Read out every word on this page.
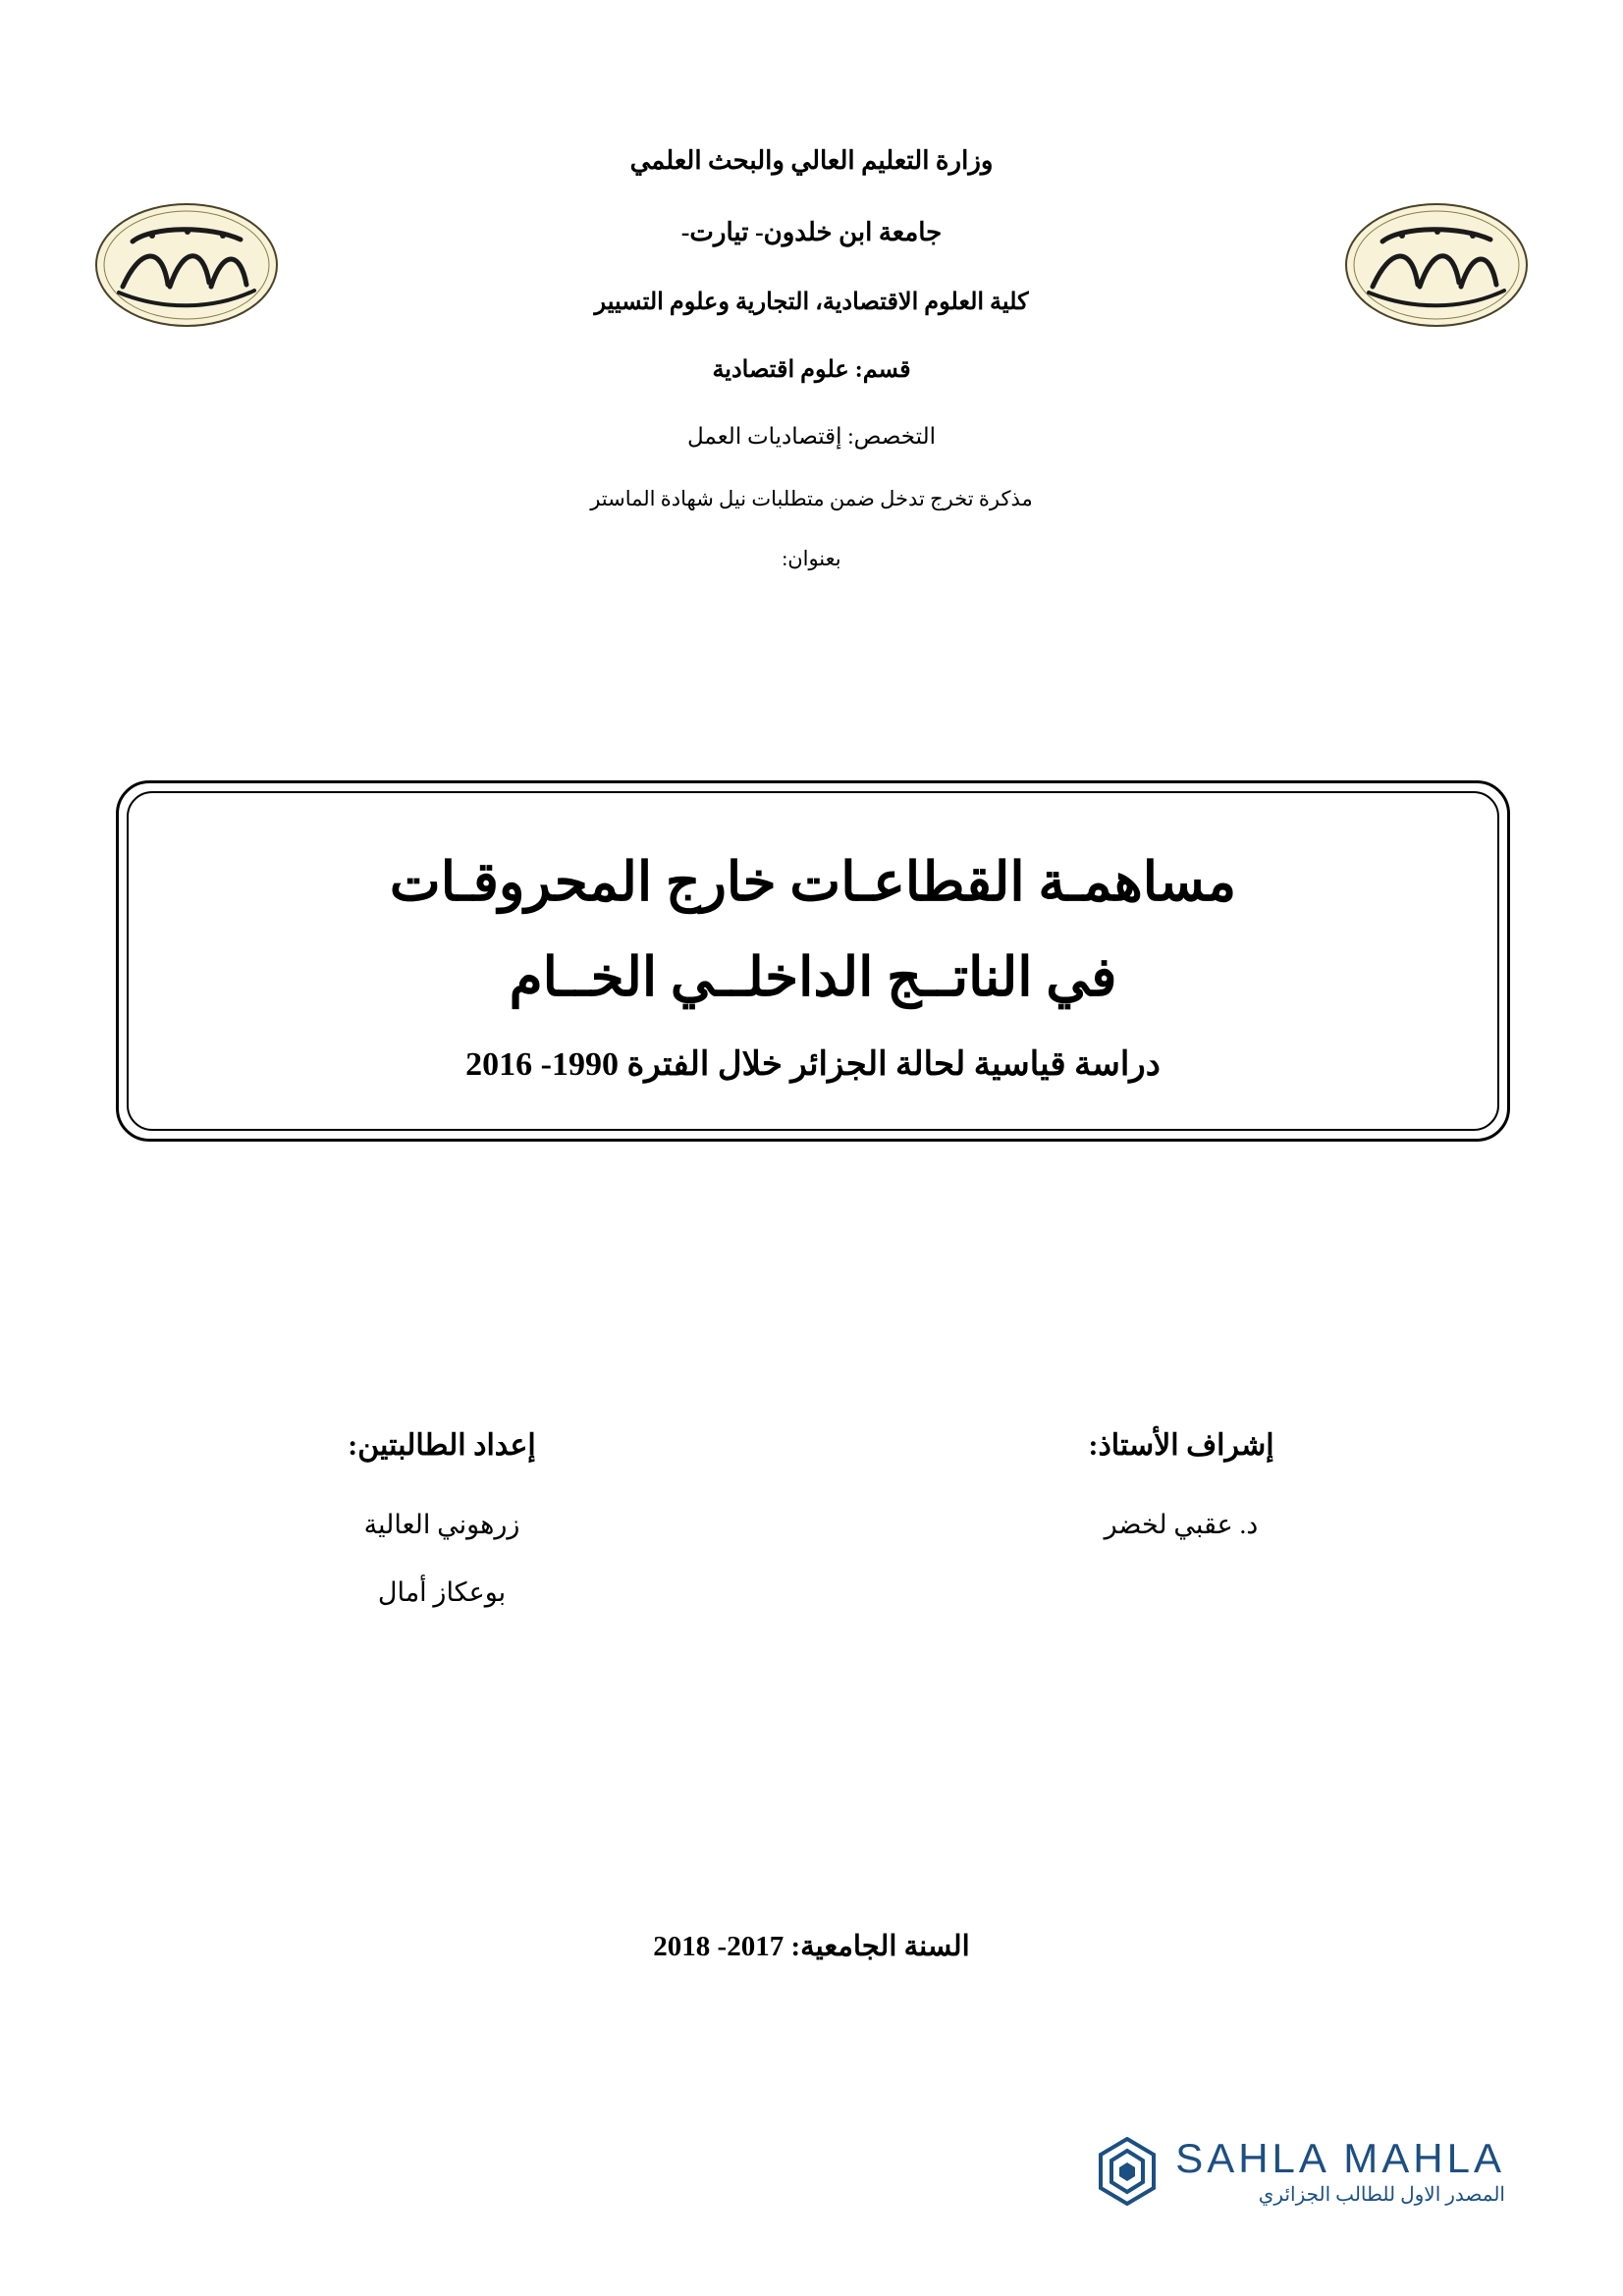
وزارة التعليم العالي والبحث العلمي
جامعة ابن خلدون- تيارت-
كلية العلوم الاقتصادية، التجارية وعلوم التسيير
قسم: علوم اقتصادية
التخصص: إقتصاديات العمل
مذكرة تخرج تدخل ضمن متطلبات نيل شهادة الماستر
بعنوان:
مساهمـة القطاعـات خارج المحروقـات
في الناتــج الداخلــي الخــام
دراسة قياسية لحالة الجزائر خلال الفترة 1990- 2016
إشراف الأستاذ:
د. عقبي لخضر
إعداد الطالبتين:
زرهوني العالية
بوعكاز أمال
السنة الجامعية: 2017- 2018
SAHLA MAHLA
المصدر الاول للطالب الجزائري
